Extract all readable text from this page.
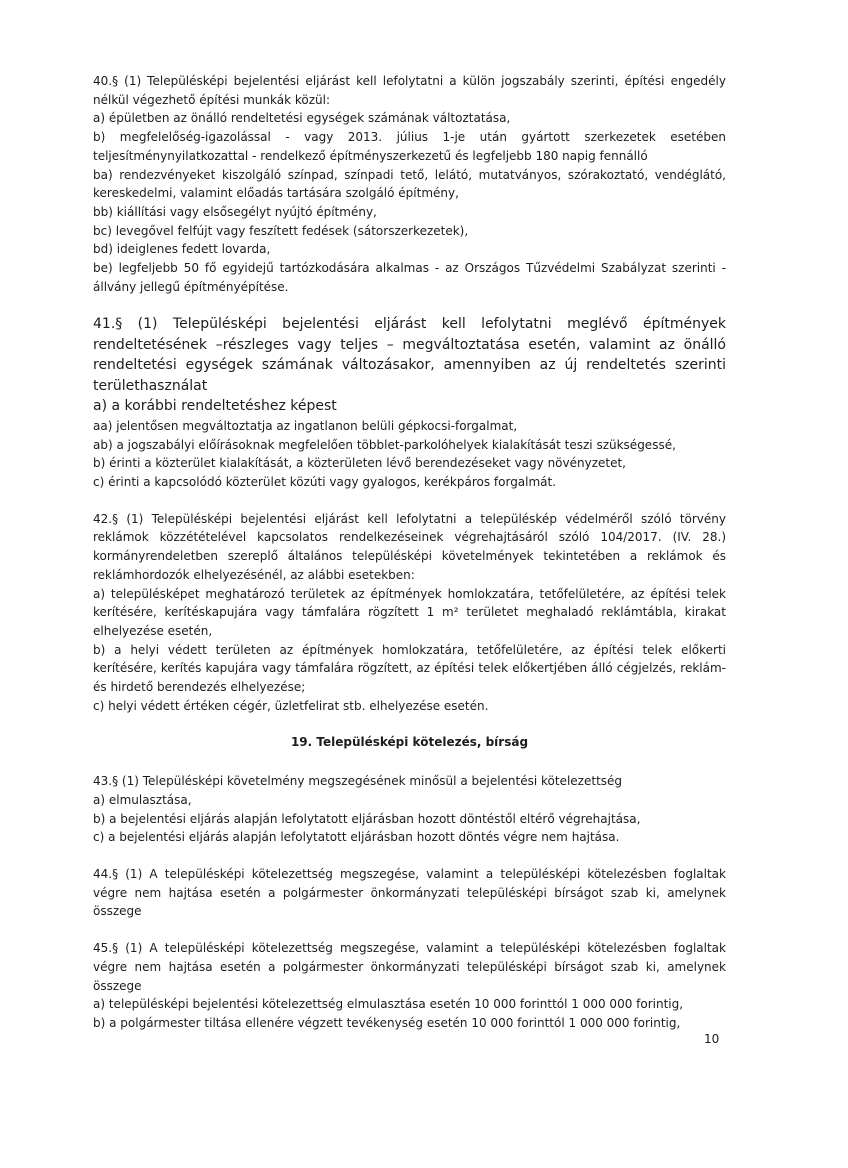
40.§ (1) Településképi bejelentési eljárást kell lefolytatni a külön jogszabály szerinti, építési engedély nélkül végezhető építési munkák közül:

a) épületben az önálló rendeltetési egységek számának változtatása,

b) megfelelőség-igazolással - vagy 2013. július 1-je után gyártott szerkezetek esetében teljesítménynyilatkozattal - rendelkező építményszerkezetű és legfeljebb 180 napig fennálló

ba) rendezvényeket kiszolgáló színpad, színpadi tető, lelátó, mutatványos, szórakoztató, vendéglátó, kereskedelmi, valamint előadás tartására szolgáló építmény,

bb) kiállítási vagy elsősegélyt nyújtó építmény,

bc) levegővel felfújt vagy feszített fedések (sátorszerkezetek),

bd) ideiglenes fedett lovarda,

be) legfeljebb 50 fő egyidejű tartózkodására alkalmas - az Országos Tűzvédelmi Szabályzat szerinti - állvány jellegű építményépítése.

41.§ (1) Településképi bejelentési eljárást kell lefolytatni meglévő építmények rendeltetésének –részleges vagy teljes – megváltoztatása esetén, valamint az önálló rendeltetési egységek számának változásakor, amennyiben az új rendeltetés szerinti területhasználat

a) a korábbi rendeltetéshez képest

aa) jelentősen megváltoztatja az ingatlanon belüli gépkocsi-forgalmat,

ab) a jogszabályi előírásoknak megfelelően többlet-parkolóhelyek kialakítását teszi szükségessé,

b) érinti a közterület kialakítását, a közterületen lévő berendezéseket vagy növényzetet,

c) érinti a kapcsolódó közterület közúti vagy gyalogos, kerékpáros forgalmát.

42.§ (1) Településképi bejelentési eljárást kell lefolytatni a településkép védelméről szóló törvény reklámok közzétételével kapcsolatos rendelkezéseinek végrehajtásáról szóló 104/2017. (IV. 28.) kormányrendeletben szereplő általános településképi követelmények tekintetében a reklámok és reklámhordozók elhelyezésénél, az alábbi esetekben:

a) településképet meghatározó területek az építmények homlokzatára, tetőfelületére, az építési telek kerítésére, kerítéskapujára vagy támfalára rögzített 1 m² területet meghaladó reklámtábla, kirakat elhelyezése esetén,

b) a helyi védett területen az építmények homlokzatára, tetőfelületére, az építési telek előkerti kerítésére, kerítés kapujára vagy támfalára rögzített, az építési telek előkertjében álló cégjelzés, reklám- és hirdető berendezés elhelyezése;

c) helyi védett értéken cégér, üzletfelirat stb. elhelyezése esetén.

19. Településképi kötelezés, bírság

43.§ (1) Településképi követelmény megszegésének minősül a bejelentési kötelezettség

a) elmulasztása,

b) a bejelentési eljárás alapján lefolytatott eljárásban hozott döntéstől eltérő végrehajtása,

c) a bejelentési eljárás alapján lefolytatott eljárásban hozott döntés végre nem hajtása.

44.§ (1) A településképi kötelezettség megszegése, valamint a településképi kötelezésben foglaltak végre nem hajtása esetén a polgármester önkormányzati településképi bírságot szab ki, amelynek összege

45.§ (1) A településképi kötelezettség megszegése, valamint a településképi kötelezésben foglaltak végre nem hajtása esetén a polgármester önkormányzati településképi bírságot szab ki, amelynek összege

a) településképi bejelentési kötelezettség elmulasztása esetén 10 000 forinttól 1 000 000 forintig,

b) a polgármester tiltása ellenére végzett tevékenység esetén 10 000 forinttól 1 000 000 forintig,

10
